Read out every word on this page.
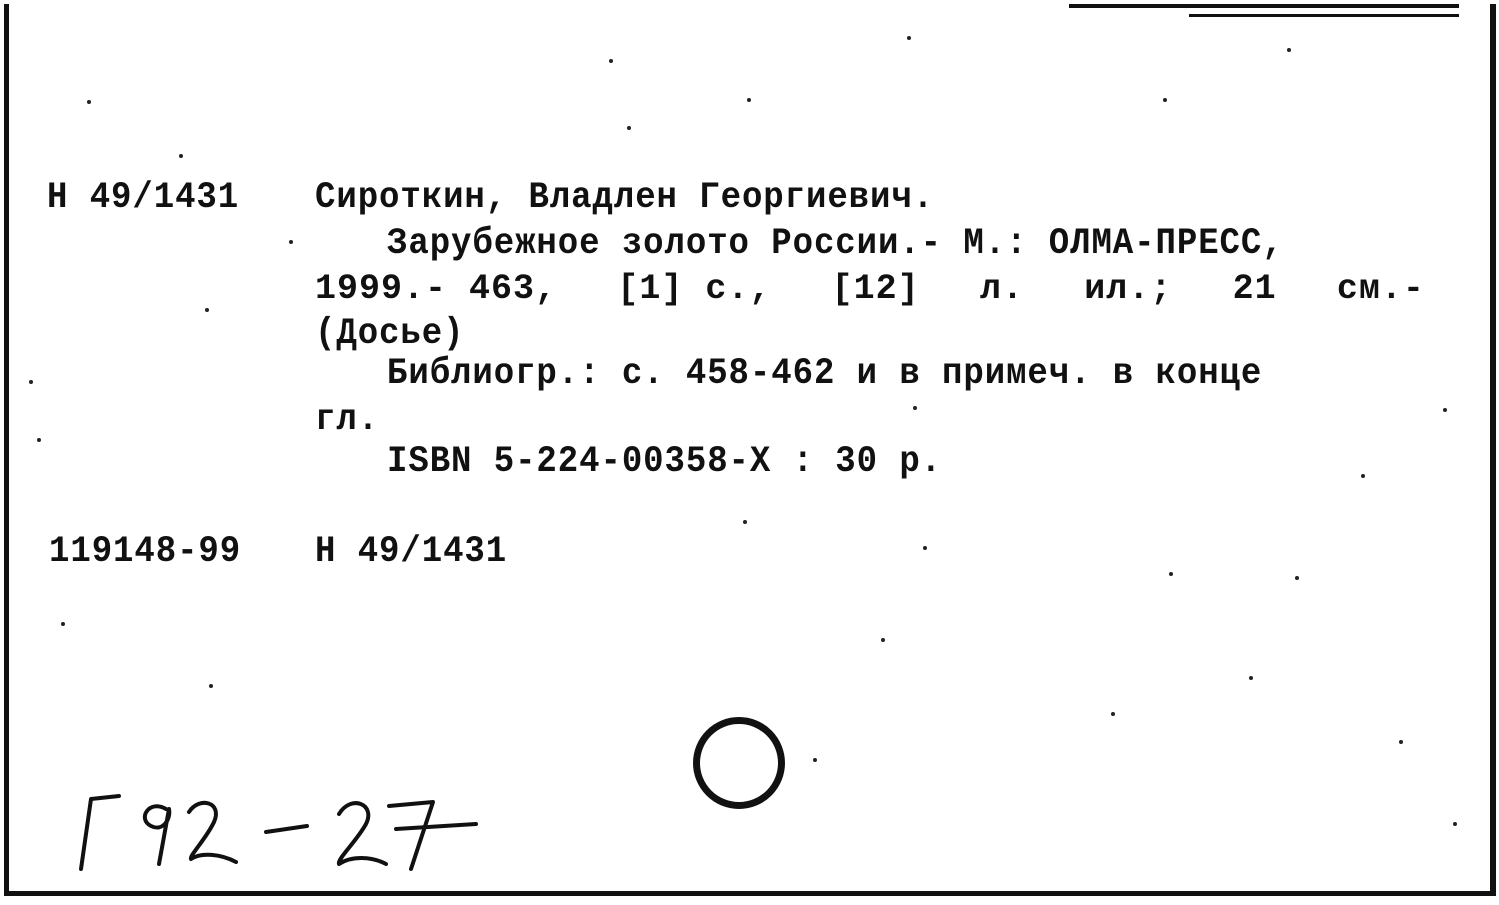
Н 49/1431 Сироткин, Владлен Георгиевич.
Зарубежное золото России.- М.: ОЛМА-ПРЕСС,
1999.- 463, [1] с., [12] л. ил.; 21 см.-
(Досье)
Библиогр.: с. 458-462 и в примеч. в конце
гл.
ISBN 5-224-00358-X : 30 р.
119148-99 Н 49/1431
